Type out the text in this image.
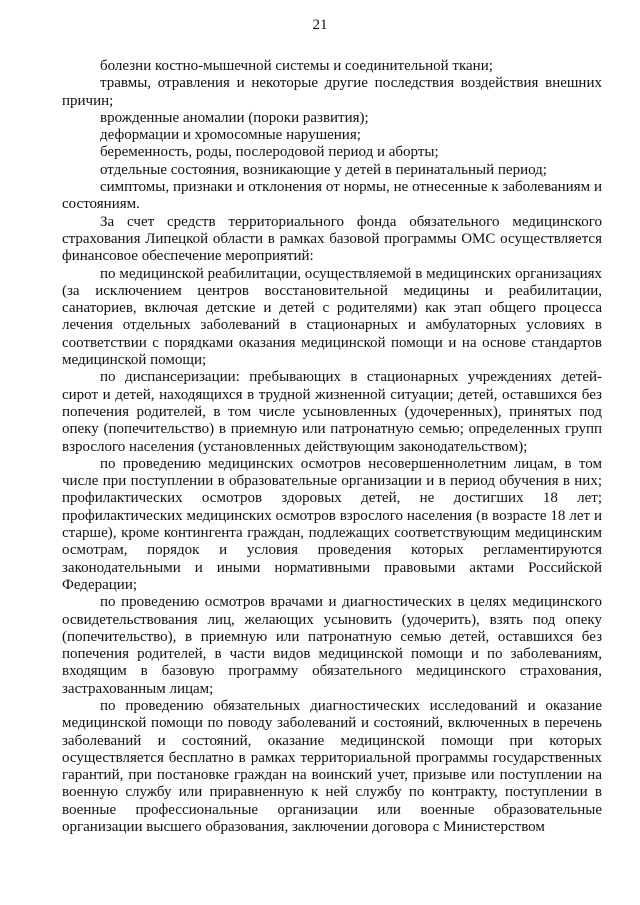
21

болезни костно-мышечной системы и соединительной ткани;

травмы, отравления и некоторые другие последствия воздействия внешних причин;

врожденные аномалии (пороки развития);

деформации и хромосомные нарушения;

беременность, роды, послеродовой период и аборты;

отдельные состояния, возникающие у детей в перинатальный период;

симптомы, признаки и отклонения от нормы, не отнесенные к заболеваниям и состояниям.

За счет средств территориального фонда обязательного медицинского страхования Липецкой области в рамках базовой программы ОМС осуществляется финансовое обеспечение мероприятий:

по медицинской реабилитации, осуществляемой в медицинских организациях (за исключением центров восстановительной медицины и реабилитации, санаториев, включая детские и детей с родителями) как этап общего процесса лечения отдельных заболеваний в стационарных и амбулаторных условиях в соответствии с порядками оказания медицинской помощи и на основе стандартов медицинской помощи;

по диспансеризации: пребывающих в стационарных учреждениях детей-сирот и детей, находящихся в трудной жизненной ситуации; детей, оставшихся без попечения родителей, в том числе усыновленных (удочеренных), принятых под опеку (попечительство) в приемную или патронатную семью; определенных групп взрослого населения (установленных действующим законодательством);

по проведению медицинских осмотров несовершеннолетним лицам, в том числе при поступлении в образовательные организации и в период обучения в них; профилактических осмотров здоровых детей, не достигших 18 лет; профилактических медицинских осмотров взрослого населения (в возрасте 18 лет и старше), кроме контингента граждан, подлежащих соответствующим медицинским осмотрам, порядок и условия проведения которых регламентируются законодательными и иными нормативными правовыми актами Российской Федерации;

по проведению осмотров врачами и диагностических в целях медицинского освидетельствования лиц, желающих усыновить (удочерить), взять под опеку (попечительство), в приемную или патронатную семью детей, оставшихся без попечения родителей, в части видов медицинской помощи и по заболеваниям, входящим в базовую программу обязательного медицинского страхования, застрахованным лицам;

по проведению обязательных диагностических исследований и оказание медицинской помощи по поводу заболеваний и состояний, включенных в перечень заболеваний и состояний, оказание медицинской помощи при которых осуществляется бесплатно в рамках территориальной программы государственных гарантий, при постановке граждан на воинский учет, призыве или поступлении на военную службу или приравненную к ней службу по контракту, поступлении в военные профессиональные организации или военные образовательные организации высшего образования, заключении договора с Министерством
